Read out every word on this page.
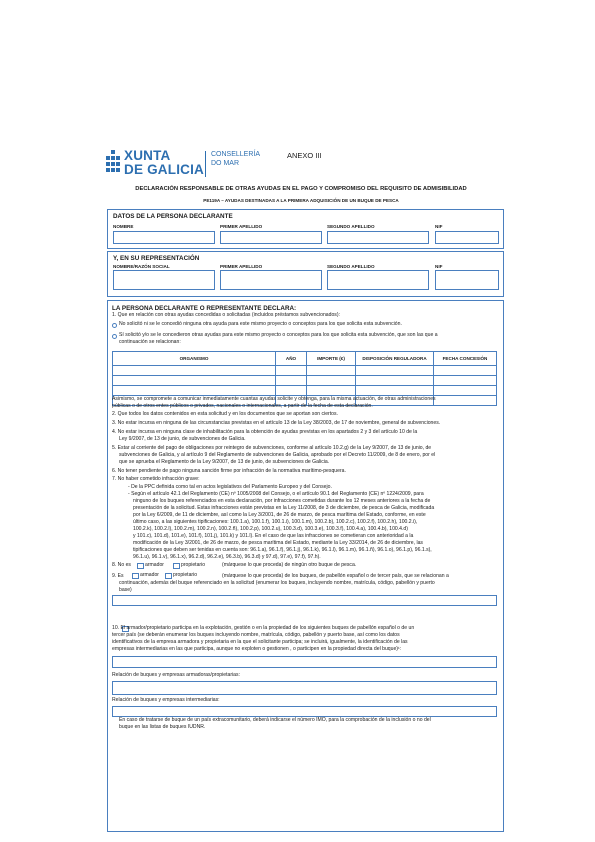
XUNTA
DE GALICIA
CONSELLERÍA
DO MAR
ANEXO III
DECLARACIÓN RESPONSABLE DE OTRAS AYUDAS EN EL PAGO Y COMPROMISO DEL REQUISITO DE ADMISIBILIDAD
PE119A – AYUDAS DESTINADAS A LA PRIMERA ADQUISICIÓN DE UN BUQUE DE PESCA
DATOS DE LA PERSONA DECLARANTE
NOMBRE	PRIMER APELLIDO	SEGUNDO APELLIDO	NIF
Y, EN SU REPRESENTACIÓN
NOMBRE/RAZÓN SOCIAL	PRIMER APELLIDO	SEGUNDO APELLIDO	NIF
LA PERSONA DECLARANTE O REPRESENTANTE DECLARA:
1. Que en relación con otras ayudas concedidas o solicitadas (incluidos préstamos subvencionados):
No solicitó ni se le concedió ninguna otra ayuda para este mismo proyecto o conceptos para los que solicita esta subvención.
Sí solicitó y/o se le concedieron otras ayudas para este mismo proyecto o conceptos para los que solicita esta subvención, que son las que a
continuación se relacionan:
ORGANISMO	AÑO	IMPORTE (€)	DISPOSICIÓN REGULADORA	FECHA CONCESIÓN

Asimismo, se compromete a comunicar inmediatamente cuantas ayudas solicite y obtenga, para la misma actuación, de otras administraciones
públicas o de otros entes públicos o privados, nacionales o internacionales, a partir de la fecha de esta declaración.
2. Que todos los datos contenidos en esta solicitud y en los documentos que se aportan son ciertos.
3. No estar incursa en ninguna de las circunstancias previstas en el artículo 13 de la Ley 38/2003, de 17 de noviembre, general de subvenciones.
4. No estar incursa en ninguna clase de inhabilitación para la obtención de ayudas previstas en los apartados 2 y 3 del artículo 10 de la
Ley 9/2007, de 13 de junio, de subvenciones de Galicia.
5. Estar al corriente del pago de obligaciones por reintegro de subvenciones, conforme al artículo 10.2.g) de la Ley 9/2007, de 13 de junio, de
subvenciones de Galicia, y al artículo 9 del Reglamento de subvenciones de Galicia, aprobado por el Decreto 11/2009, de 8 de enero, por el
que se aprueba el Reglamento de la Ley 9/2007, de 13 de junio, de subvenciones de Galicia.
6. No tener pendiente de pago ninguna sanción firme por infracción de la normativa marítimo-pesquera.
7. No haber cometido infracción grave:
- De la PPC definida como tal en actos legislativos del Parlamento Europeo y del Consejo.
- Según el artículo 42.1 del Reglamento (CE) nº 1005/2008 del Consejo, o el artículo 90.1 del Reglamento (CE) nº 1224/2009, para
ninguno de los buques referenciados en esta declaración, por infracciones cometidas durante los 12 meses anteriores a la fecha de
presentación de la solicitud. Estas infracciones están previstas en la Ley 11/2008, de 3 de diciembre, de pesca de Galicia, modificada
por la Ley 6/2009, de 11 de diciembre, así como la Ley 3/2001, de 26 de marzo, de pesca marítima del Estado, conforme, en este
último caso, a las siguientes tipificaciones: 100.1.a), 100.1.f), 100.1.i), 100.1.m), 100.2.b), 100.2.c), 100.2.f), 100.2.h), 100.2.i),
100.2.k), 100.2.l), 100.2.m), 100.2.n), 100.2.ñ), 100.2.p), 100.2.u), 100.3.d), 100.3.e), 100.3.f), 100.4.a), 100.4.b), 100.4.d)
y 101.c), 101.d), 101.e), 101.f), 101.j), 101.k) y 101.l). En el caso de que las infracciones se cometieran con anterioridad a la
modificación de la Ley 3/2001, de 26 de marzo, de pesca marítima del Estado, mediante la Ley 33/2014, de 26 de diciembre, las
tipificaciones que deben ser tenidas en cuenta son: 96.1.a), 96.1.f), 96.1.j), 96.1.k), 96.1.l), 96.1.m), 96.1.ñ), 96.1.o), 96.1.p), 96.1.s),
96.1.u), 96.1.v), 96.1.x), 96.2.d), 96.2.e), 96.3.b), 96.3.d) y 97.d), 97.e), 97.f), 97.h).
8. No es	armador	propietario	(márquese lo que proceda) de ningún otro buque de pesca.
9. Es	armador	propietario	(márquese lo que proceda) de los buques, de pabellón español o de tercer país, que se relacionan a
continuación, además del buque referenciado en la solicitud (enumerar los buques, incluyendo nombre, matrícula, código, pabellón y puerto
base)
10. El armador/propietario participa en la explotación, gestión o en la propiedad de los siguientes buques de pabellón español o de un
tercer país (se deberán enumerar los buques incluyendo nombre, matrícula, código, pabellón y puerto base, así como los datos
identificativos de la empresa armadora y propietaria en la que el solicitante participa; se incluirá, igualmente, la identificación de las
empresas intermediarias en las que participa, aunque no exploten o gestionen , o participen en la propiedad directa del buque)¹:
Relación de buques y empresas armadoras/propietarias:
Relación de buques y empresas intermediarias:
En caso de tratarse de buque de un país extracomunitario, deberá indicarse el número IMO, para la comprobación de la inclusión o no del
buque en las listas de buques IUDNR.
